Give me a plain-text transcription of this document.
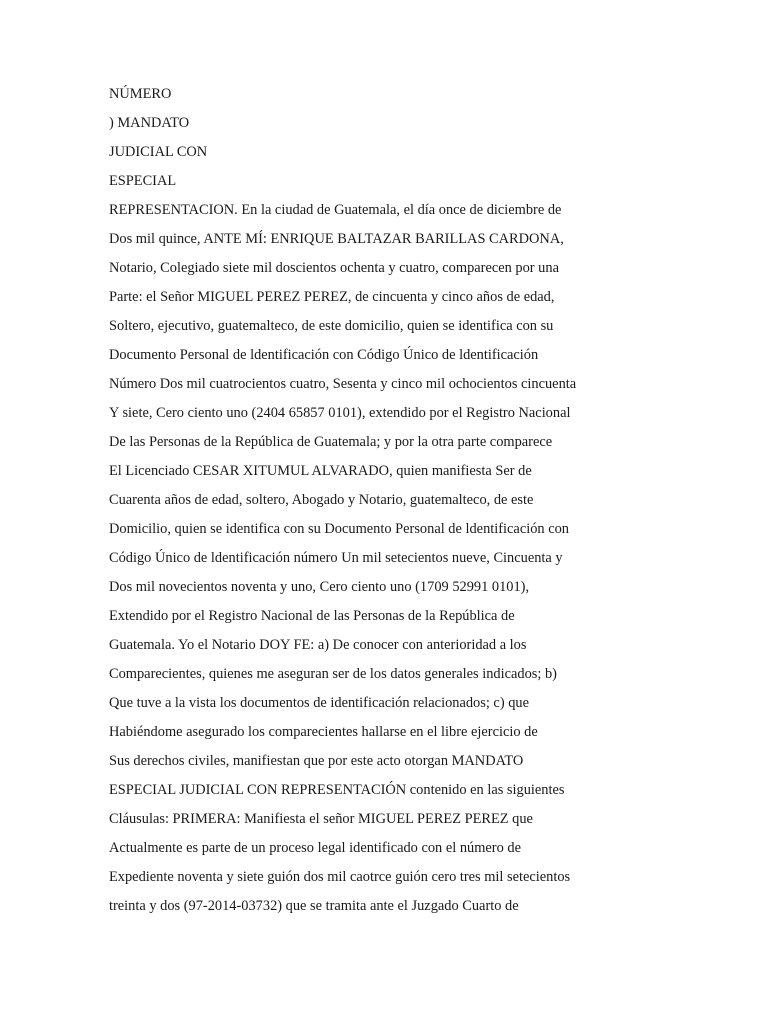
NÚMERO
) MANDATO
JUDICIAL CON
ESPECIAL
REPRESENTACION. En la ciudad de Guatemala, el día once de diciembre de
Dos mil quince, ANTE MÍ: ENRIQUE BALTAZAR BARILLAS CARDONA,
Notario, Colegiado siete mil doscientos ochenta y cuatro, comparecen por una
Parte: el Señor MIGUEL PEREZ PEREZ, de cincuenta y cinco años de edad,
Soltero, ejecutivo, guatemalteco, de este domicilio, quien se identifica con su
Documento Personal de ldentificación con Código Único de ldentificación
Número Dos mil cuatrocientos cuatro, Sesenta y cinco mil ochocientos cincuenta
Y siete, Cero ciento uno (2404 65857 0101), extendido por el Registro Nacional
De las Personas de la República de Guatemala; y por la otra parte comparece
El Licenciado CESAR XITUMUL ALVARADO, quien manifiesta Ser de
Cuarenta años de edad, soltero, Abogado y Notario, guatemalteco, de este
Domicilio, quien se identifica con su Documento Personal de ldentificación con
Código Único de ldentificación número Un mil setecientos nueve, Cincuenta y
Dos mil novecientos noventa y uno, Cero ciento uno (1709 52991 0101),
Extendido por el Registro Nacional de las Personas de la República de
Guatemala. Yo el Notario DOY FE: a) De conocer con anterioridad a los
Comparecientes, quienes me aseguran ser de los datos generales indicados; b)
Que tuve a la vista los documentos de identificación relacionados; c) que
Habiéndome asegurado los comparecientes hallarse en el libre ejercicio de
Sus derechos civiles, manifiestan que por este acto otorgan MANDATO
ESPECIAL JUDICIAL CON REPRESENTACIÓN contenido en las siguientes
Cláusulas: PRIMERA: Manifiesta el señor MIGUEL PEREZ PEREZ que
Actualmente es parte de un proceso legal identificado con el número de
Expediente noventa y siete guión dos mil caotrce guión cero tres mil setecientos
treinta y dos (97-2014-03732) que se tramita ante el Juzgado Cuarto de
